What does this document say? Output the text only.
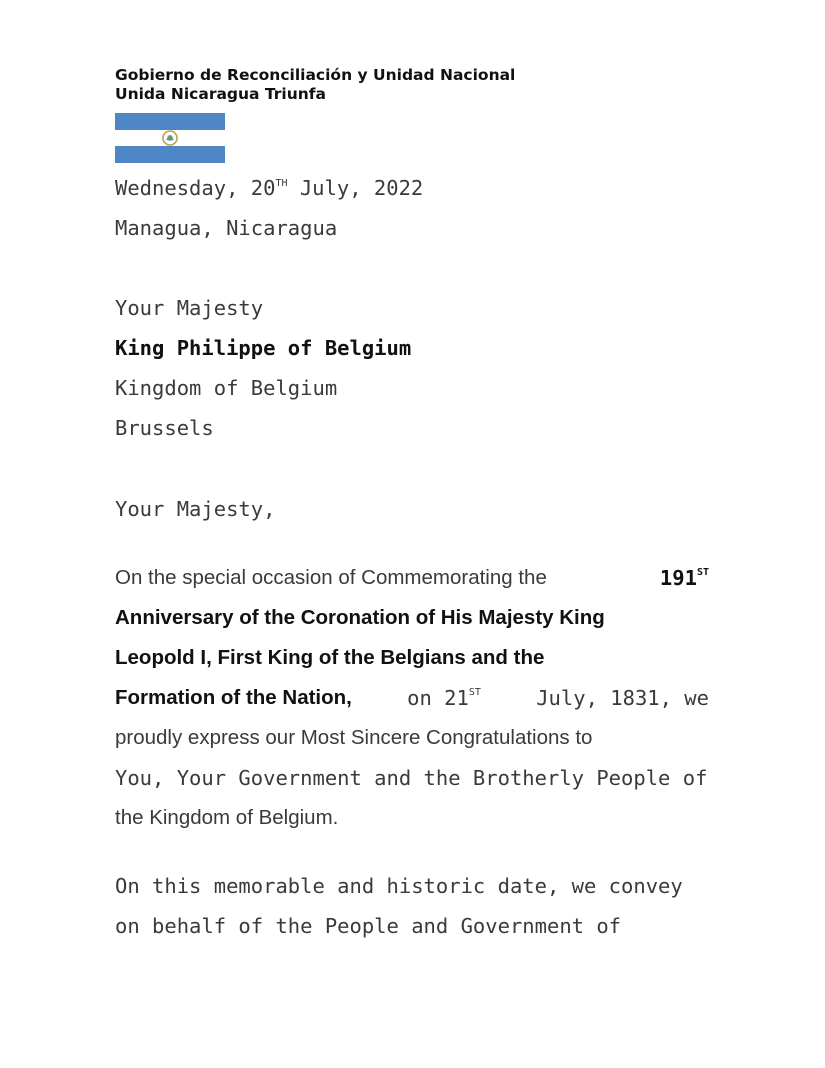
Gobierno de Reconciliación y Unidad Nacional
Unida Nicaragua Triunfa
Wednesday, 20TH July, 2022
Managua, Nicaragua
Your Majesty
King Philippe of Belgium
Kingdom of Belgium
Brussels
Your Majesty,
On the special occasion of Commemorating the	191ST
Anniversary of the Coronation of His Majesty King
Leopold I, First King of the Belgians and the
Formation of the Nation,	on 21ST	July, 1831, we
proudly express our Most Sincere Congratulations to
You, Your Government and the Brotherly People of
the Kingdom of Belgium.
On this memorable and historic date, we convey
on behalf of the People and Government of
